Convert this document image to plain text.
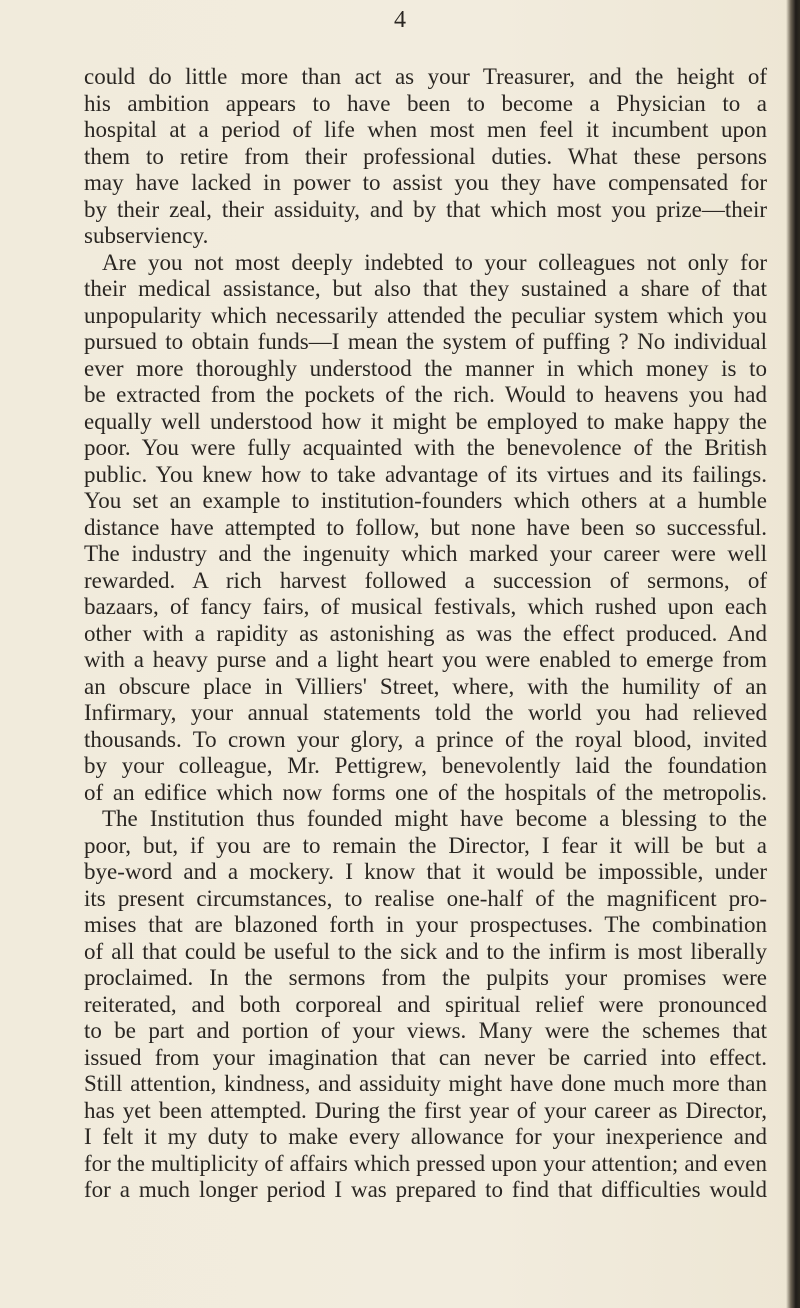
4
could do little more than act as your Treasurer, and the height of
his ambition appears to have been to become a Physician to a
hospital at a period of life when most men feel it incumbent upon
them to retire from their professional duties. What these persons
may have lacked in power to assist you they have compensated for
by their zeal, their assiduity, and by that which most you prize—their
subserviency.
Are you not most deeply indebted to your colleagues not only for
their medical assistance, but also that they sustained a share of that
unpopularity which necessarily attended the peculiar system which you
pursued to obtain funds—I mean the system of puffing ? No individual
ever more thoroughly understood the manner in which money is to
be extracted from the pockets of the rich. Would to heavens you had
equally well understood how it might be employed to make happy the
poor. You were fully acquainted with the benevolence of the British
public. You knew how to take advantage of its virtues and its failings.
You set an example to institution-founders which others at a humble
distance have attempted to follow, but none have been so successful.
The industry and the ingenuity which marked your career were well
rewarded. A rich harvest followed a succession of sermons, of
bazaars, of fancy fairs, of musical festivals, which rushed upon each
other with a rapidity as astonishing as was the effect produced. And
with a heavy purse and a light heart you were enabled to emerge from
an obscure place in Villiers' Street, where, with the humility of an
Infirmary, your annual statements told the world you had relieved
thousands. To crown your glory, a prince of the royal blood, invited
by your colleague, Mr. Pettigrew, benevolently laid the foundation
of an edifice which now forms one of the hospitals of the metropolis.
The Institution thus founded might have become a blessing to the
poor, but, if you are to remain the Director, I fear it will be but a
bye-word and a mockery. I know that it would be impossible, under
its present circumstances, to realise one-half of the magnificent pro-
mises that are blazoned forth in your prospectuses. The combination
of all that could be useful to the sick and to the infirm is most liberally
proclaimed. In the sermons from the pulpits your promises were
reiterated, and both corporeal and spiritual relief were pronounced
to be part and portion of your views. Many were the schemes that
issued from your imagination that can never be carried into effect.
Still attention, kindness, and assiduity might have done much more than
has yet been attempted. During the first year of your career as Director,
I felt it my duty to make every allowance for your inexperience and
for the multiplicity of affairs which pressed upon your attention; and even
for a much longer period I was prepared to find that difficulties would
